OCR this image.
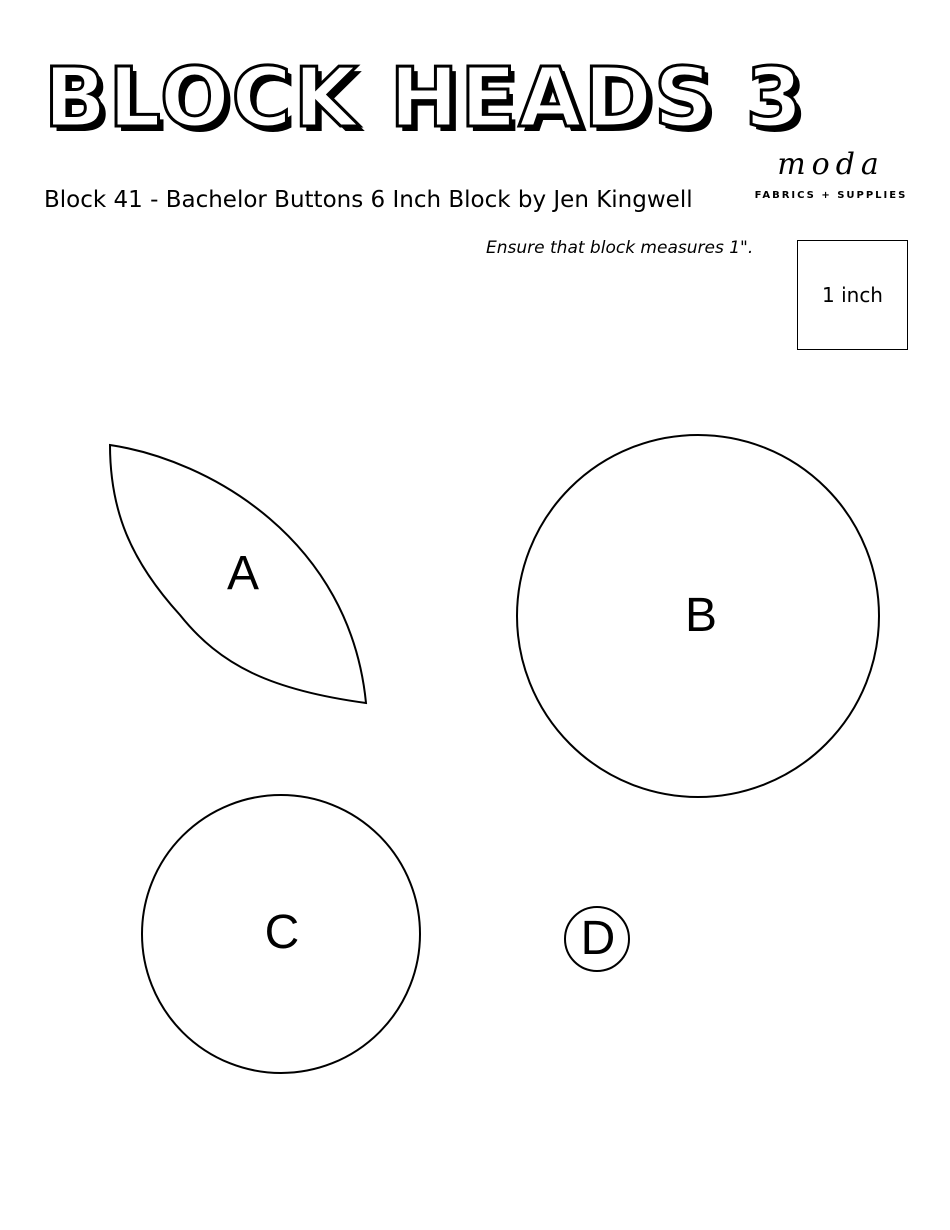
BLOCK HEADS 3
Block 41 - Bachelor Buttons 6 Inch Block by Jen Kingwell
moda
FABRICS + SUPPLIES
Ensure that block measures 1".
1 inch
A
B
C	D
